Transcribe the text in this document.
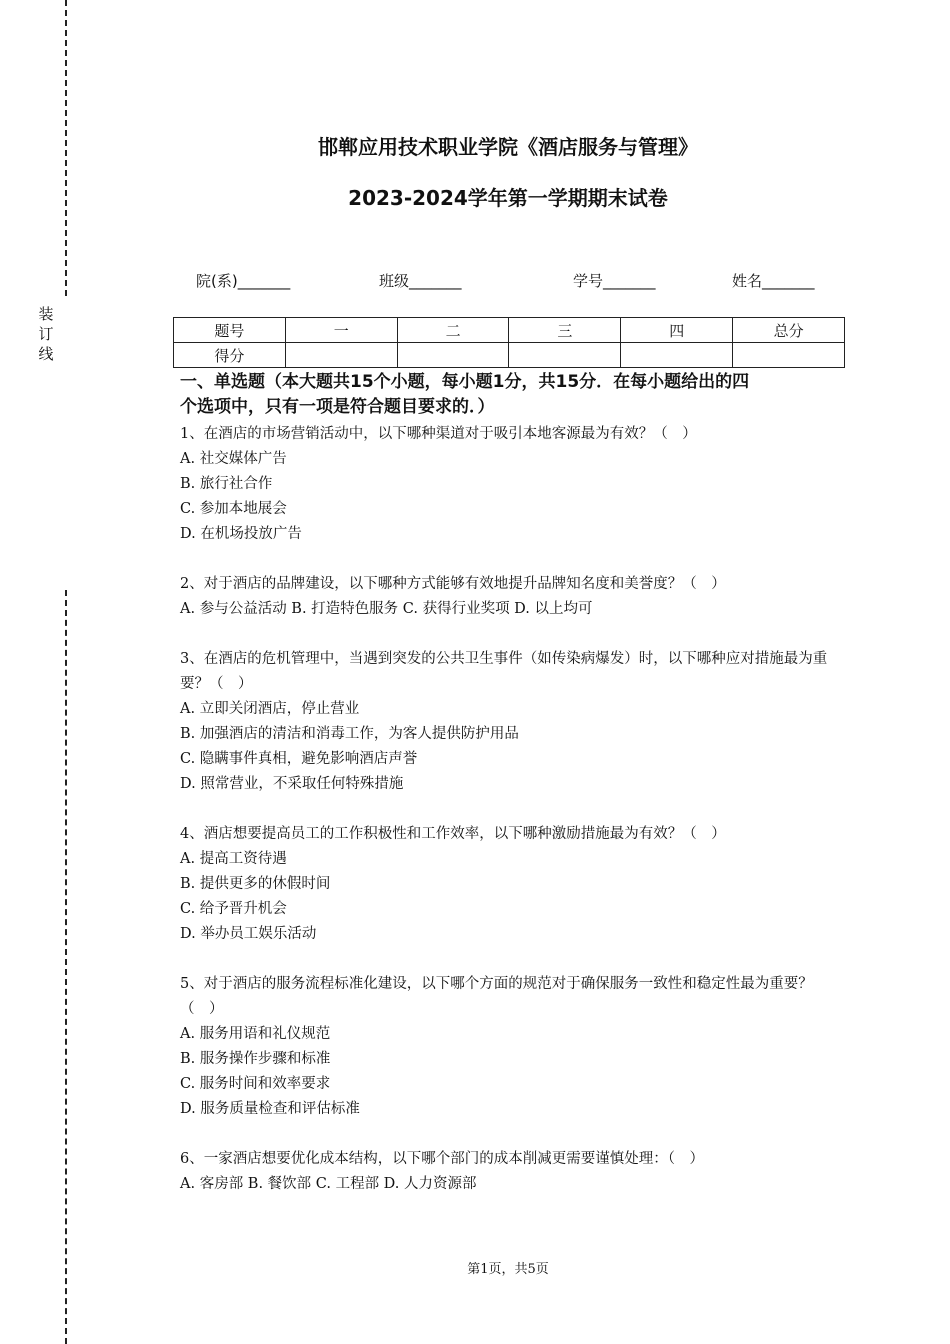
装订线
邯郸应用技术职业学院《酒店服务与管理》
2023-2024学年第一学期期末试卷
院(系)_______	班级_______	学号_______	姓名_______
题号	一	二	三	四	总分
得分					
一、单选题（本大题共15个小题，每小题1分，共15分．在每小题给出的四
个选项中，只有一项是符合题目要求的．）

1、在酒店的市场营销活动中，以下哪种渠道对于吸引本地客源最为有效？（　）

A. 社交媒体广告

B. 旅行社合作

C. 参加本地展会

D. 在机场投放广告

2、对于酒店的品牌建设，以下哪种方式能够有效地提升品牌知名度和美誉度？（　）

A. 参与公益活动 B. 打造特色服务 C. 获得行业奖项 D. 以上均可

3、在酒店的危机管理中，当遇到突发的公共卫生事件（如传染病爆发）时，以下哪种应对措施最为重要？（　）

A. 立即关闭酒店，停止营业

B. 加强酒店的清洁和消毒工作，为客人提供防护用品

C. 隐瞒事件真相，避免影响酒店声誉

D. 照常营业，不采取任何特殊措施

4、酒店想要提高员工的工作积极性和工作效率，以下哪种激励措施最为有效？（　）

A. 提高工资待遇

B. 提供更多的休假时间

C. 给予晋升机会

D. 举办员工娱乐活动

5、对于酒店的服务流程标准化建设，以下哪个方面的规范对于确保服务一致性和稳定性最为重要？（　）

A. 服务用语和礼仪规范

B. 服务操作步骤和标准

C. 服务时间和效率要求

D. 服务质量检查和评估标准

6、一家酒店想要优化成本结构，以下哪个部门的成本削减更需要谨慎处理：（　）

A. 客房部 B. 餐饮部 C. 工程部 D. 人力资源部

第1页，共5页
